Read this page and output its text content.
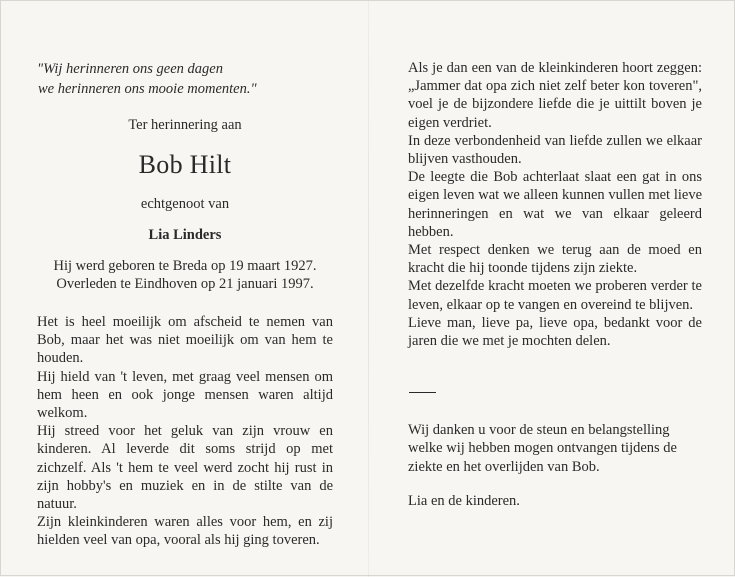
"Wij herinneren ons geen dagen
we herinneren ons mooie momenten."

Ter herinnering aan
Bob Hilt
echtgenoot van
Lia Linders
Hij werd geboren te Breda op 19 maart 1927.
Overleden te Eindhoven op 21 januari 1997.

Het is heel moeilijk om afscheid te nemen van Bob, maar het was niet moeilijk om van hem te houden.

Hij hield van 't leven, met graag veel mensen om hem heen en ook jonge mensen waren altijd welkom.

Hij streed voor het geluk van zijn vrouw en kinderen. Al leverde dit soms strijd op met zichzelf. Als 't hem te veel werd zocht hij rust in zijn hobby's en muziek en in de stilte van de natuur.

Zijn kleinkinderen waren alles voor hem, en zij hielden veel van opa, vooral als hij ging toveren.

Als je dan een van de kleinkinderen hoort zeggen: „Jammer dat opa zich niet zelf beter kon toveren", voel je de bijzondere liefde die je uittilt boven je eigen verdriet.

In deze verbondenheid van liefde zullen we elkaar blijven vasthouden.

De leegte die Bob achterlaat slaat een gat in ons eigen leven wat we alleen kunnen vullen met lieve herinneringen en wat we van elkaar geleerd hebben.

Met respect denken we terug aan de moed en kracht die hij toonde tijdens zijn ziekte.

Met dezelfde kracht moeten we proberen verder te leven, elkaar op te vangen en overeind te blijven.

Lieve man, lieve pa, lieve opa, bedankt voor de jaren die we met je mochten delen.

Wij danken u voor de steun en belangstelling welke wij hebben mogen ontvangen tijdens de ziekte en het overlijden van Bob.
Lia en de kinderen.
